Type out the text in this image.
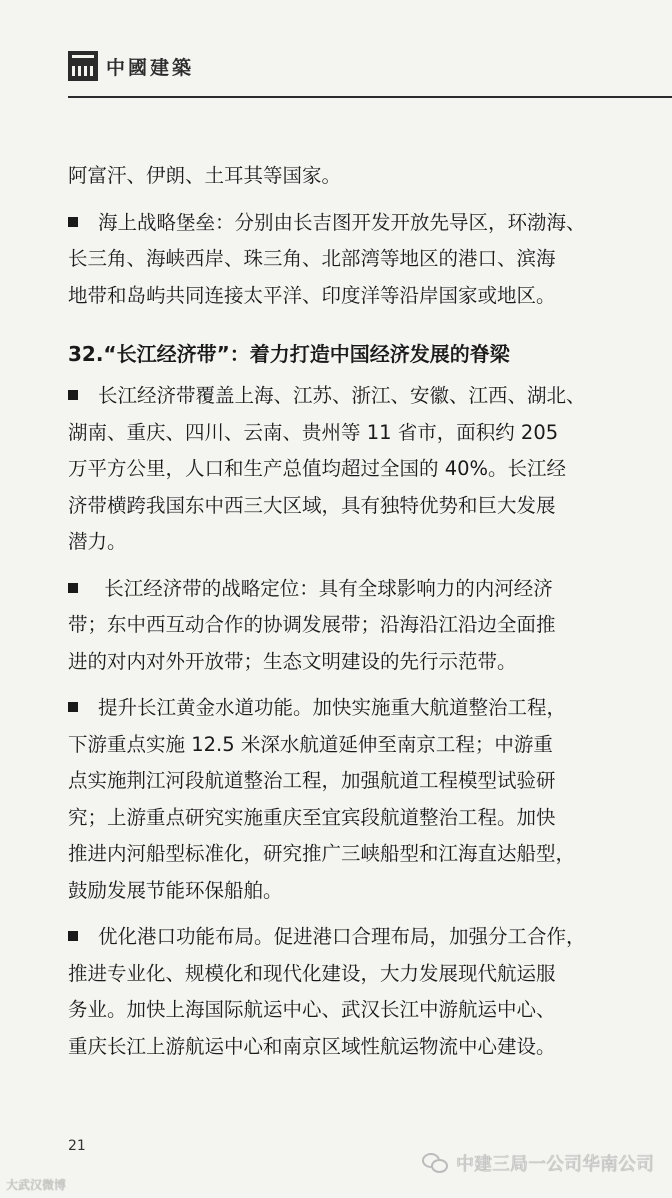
中國建築

阿富汗、伊朗、土耳其等国家。

海上战略堡垒：分别由长吉图开发开放先导区，环渤海、

长三角、海峡西岸、珠三角、北部湾等地区的港口、滨海

地带和岛屿共同连接太平洋、印度洋等沿岸国家或地区。

32.“长江经济带”：着力打造中国经济发展的脊梁

长江经济带覆盖上海、江苏、浙江、安徽、江西、湖北、

湖南、重庆、四川、云南、贵州等 11 省市，面积约 205

万平方公里，人口和生产总值均超过全国的 40%。长江经

济带横跨我国东中西三大区域，具有独特优势和巨大发展

潜力。

长江经济带的战略定位：具有全球影响力的内河经济

带；东中西互动合作的协调发展带；沿海沿江沿边全面推

进的对内对外开放带；生态文明建设的先行示范带。

提升长江黄金水道功能。加快实施重大航道整治工程，

下游重点实施 12.5 米深水航道延伸至南京工程；中游重

点实施荆江河段航道整治工程，加强航道工程模型试验研

究；上游重点研究实施重庆至宜宾段航道整治工程。加快

推进内河船型标准化，研究推广三峡船型和江海直达船型，

鼓励发展节能环保船舶。

优化港口功能布局。促进港口合理布局，加强分工合作，

推进专业化、规模化和现代化建设，大力发展现代航运服

务业。加快上海国际航运中心、武汉长江中游航运中心、

重庆长江上游航运中心和南京区域性航运物流中心建设。

21
中建三局一公司华南公司
大武汉微博
